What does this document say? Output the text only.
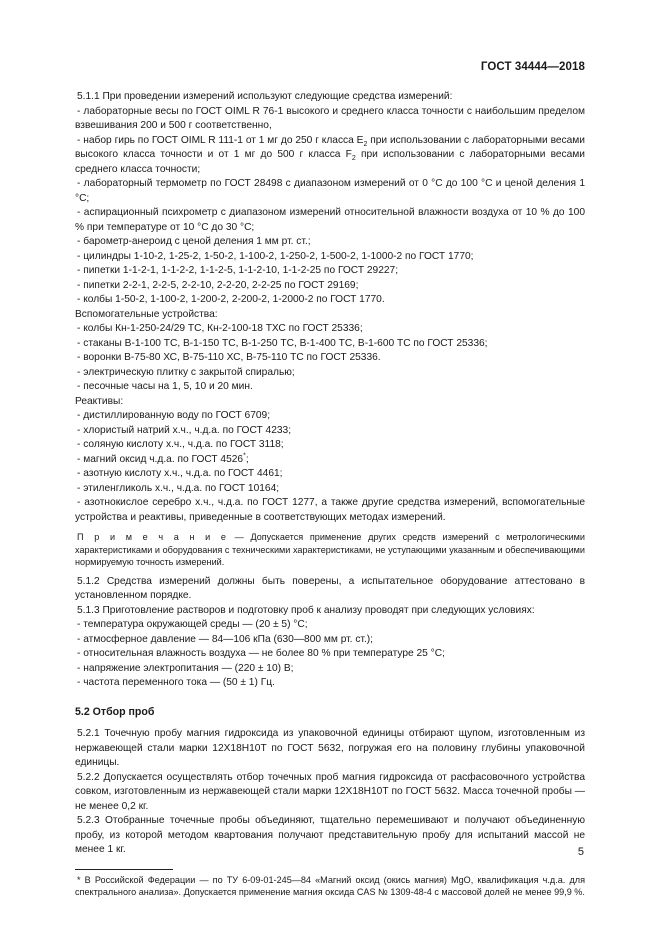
ГОСТ 34444—2018

5.1.1 При проведении измерений используют следующие средства измерений:

- лабораторные весы по ГОСТ OIML R 76-1 высокого и среднего класса точности с наибольшим пределом взвешивания 200 и 500 г соответственно,

- набор гирь по ГОСТ OIML R 111-1 от 1 мг до 250 г класса $E_2$ при использовании с лабораторными весами высокого класса точности и от 1 мг до 500 г класса $F_2$ при использовании с лабораторными весами среднего класса точности;

- лабораторный термометр по ГОСТ 28498 с диапазоном измерений от 0 °С до 100 °С и ценой деления 1 °С;

- аспирационный психрометр с диапазоном измерений относительной влажности воздуха от 10 % до 100 % при температуре от 10 °С до 30 °С;

- барометр-анероид с ценой деления 1 мм рт. ст.;

- цилиндры 1-10-2, 1-25-2, 1-50-2, 1-100-2, 1-250-2, 1-500-2, 1-1000-2 по ГОСТ 1770;

- пипетки 1-1-2-1, 1-1-2-2, 1-1-2-5, 1-1-2-10, 1-1-2-25 по ГОСТ 29227;

- пипетки 2-2-1, 2-2-5, 2-2-10, 2-2-20, 2-2-25 по ГОСТ 29169;

- колбы 1-50-2, 1-100-2, 1-200-2, 2-200-2, 1-2000-2 по ГОСТ 1770.

Вспомогательные устройства:

- колбы Кн-1-250-24/29 ТС, Кн-2-100-18 ТХС по ГОСТ 25336;

- стаканы В-1-100 ТС, В-1-150 ТС, В-1-250 ТС, В-1-400 ТС, В-1-600 ТС по ГОСТ 25336;

- воронки В-75-80 ХС, В-75-110 ХС, В-75-110 ТС по ГОСТ 25336.

- электрическую плитку с закрытой спиралью;

- песочные часы на 1, 5, 10 и 20 мин.

Реактивы:

- дистиллированную воду по ГОСТ 6709;

- хлористый натрий х.ч., ч.д.а. по ГОСТ 4233;

- соляную кислоту х.ч., ч.д.а. по ГОСТ 3118;

- магний оксид ч.д.а. по ГОСТ 4526*;

- азотную кислоту х.ч., ч.д.а. по ГОСТ 4461;

- этиленгликоль х.ч., ч.д.а. по ГОСТ 10164;

- азотнокислое серебро х.ч., ч.д.а. по ГОСТ 1277, а также другие средства измерений, вспомогательные устройства и реактивы, приведенные в соответствующих методах измерений.

П р и м е ч а н и е — Допускается применение других средств измерений с метрологическими характеристиками и оборудования с техническими характеристиками, не уступающими указанным и обеспечивающими нормируемую точность измерений.

5.1.2 Средства измерений должны быть поверены, а испытательное оборудование аттестовано в установленном порядке.

5.1.3 Приготовление растворов и подготовку проб к анализу проводят при следующих условиях:

- температура окружающей среды — (20 ± 5) °С;

- атмосферное давление — 84—106 кПа (630—800 мм рт. ст.);

- относительная влажность воздуха — не более 80 % при температуре 25 °С;

- напряжение электропитания — (220 ± 10) В;

- частота переменного тока — (50 ± 1) Гц.

5.2 Отбор проб

5.2.1 Точечную пробу магния гидроксида из упаковочной единицы отбирают щупом, изготовленным из нержавеющей стали марки 12Х18Н10Т по ГОСТ 5632, погружая его на половину глубины упаковочной единицы.

5.2.2 Допускается осуществлять отбор точечных проб магния гидроксида от расфасовочного устройства совком, изготовленным из нержавеющей стали марки 12Х18Н10Т по ГОСТ 5632. Масса точечной пробы — не менее 0,2 кг.

5.2.3 Отобранные точечные пробы объединяют, тщательно перемешивают и получают объединенную пробу, из которой методом квартования получают представительную пробу для испытаний массой не менее 1 кг.

* В Российской Федерации — по ТУ 6-09-01-245—84 «Магний оксид (окись магния) MgO, квалификация ч.д.а. для спектрального анализа». Допускается применение магния оксида CAS № 1309-48-4 с массовой долей не менее 99,9 %.

5
